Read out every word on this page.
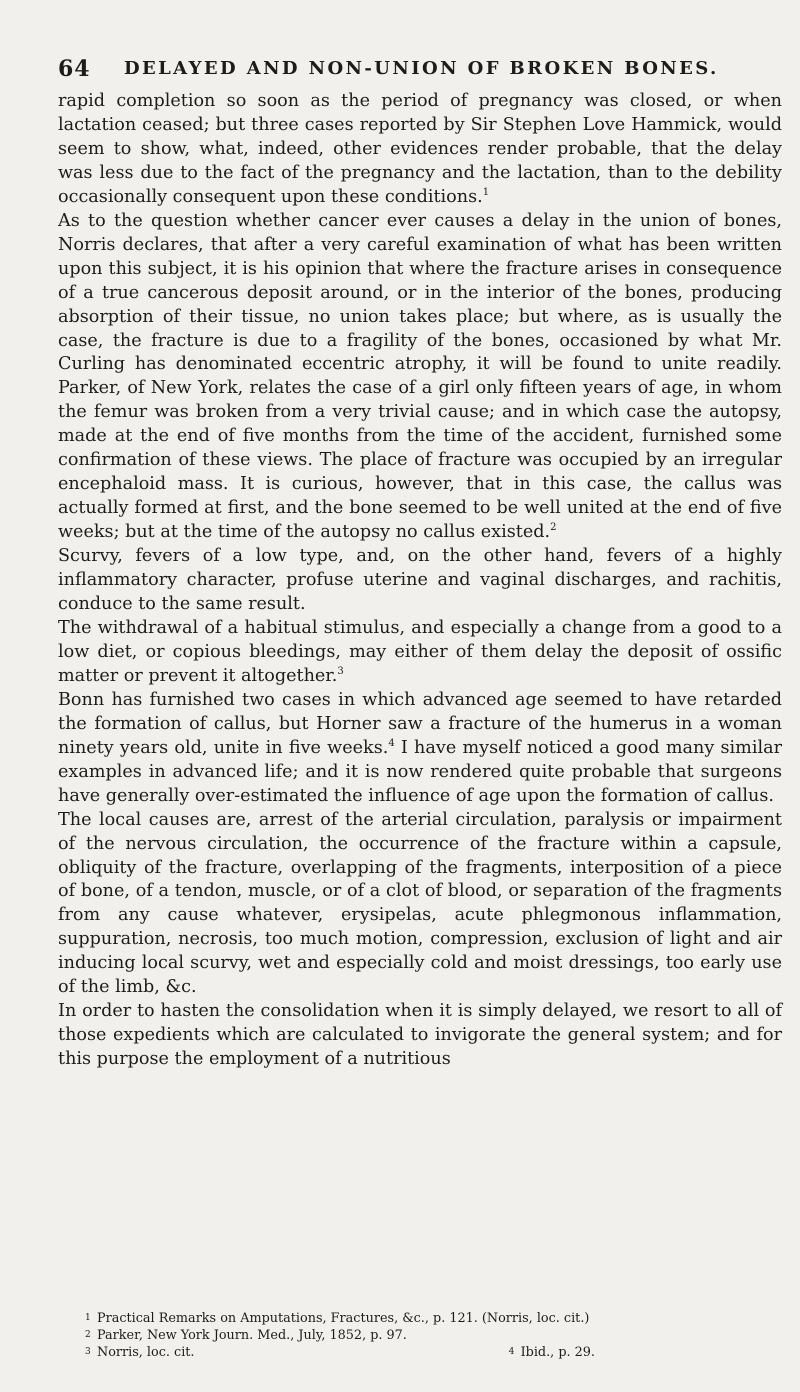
64 DELAYED AND NON-UNION OF BROKEN BONES.

rapid completion so soon as the period of pregnancy was closed, or when lactation ceased; but three cases reported by Sir Stephen Love Hammick, would seem to show, what, indeed, other evidences render probable, that the delay was less due to the fact of the pregnancy and the lactation, than to the debility occasionally consequent upon these conditions.$^1$

As to the question whether cancer ever causes a delay in the union of bones, Norris declares, that after a very careful examination of what has been written upon this subject, it is his opinion that where the fracture arises in consequence of a true cancerous deposit around, or in the interior of the bones, producing absorption of their tissue, no union takes place; but where, as is usually the case, the fracture is due to a fragility of the bones, occasioned by what Mr. Curling has denominated eccentric atrophy, it will be found to unite readily. Parker, of New York, relates the case of a girl only fifteen years of age, in whom the femur was broken from a very trivial cause; and in which case the autopsy, made at the end of five months from the time of the accident, furnished some confirmation of these views. The place of fracture was occupied by an irregular encephaloid mass. It is curious, however, that in this case, the callus was actually formed at first, and the bone seemed to be well united at the end of five weeks; but at the time of the autopsy no callus existed.$^2$

Scurvy, fevers of a low type, and, on the other hand, fevers of a highly inflammatory character, profuse uterine and vaginal discharges, and rachitis, conduce to the same result.

The withdrawal of a habitual stimulus, and especially a change from a good to a low diet, or copious bleedings, may either of them delay the deposit of ossific matter or prevent it altogether.$^3$

Bonn has furnished two cases in which advanced age seemed to have retarded the formation of callus, but Horner saw a fracture of the humerus in a woman ninety years old, unite in five weeks.$^4$ I have myself noticed a good many similar examples in advanced life; and it is now rendered quite probable that surgeons have generally over-estimated the influence of age upon the formation of callus.

The local causes are, arrest of the arterial circulation, paralysis or impairment of the nervous circulation, the occurrence of the fracture within a capsule, obliquity of the fracture, overlapping of the fragments, interposition of a piece of bone, of a tendon, muscle, or of a clot of blood, or separation of the fragments from any cause whatever, erysipelas, acute phlegmonous inflammation, suppuration, necrosis, too much motion, compression, exclusion of light and air inducing local scurvy, wet and especially cold and moist dressings, too early use of the limb, &c.

In order to hasten the consolidation when it is simply delayed, we resort to all of those expedients which are calculated to invigorate the general system; and for this purpose the employment of a nutritious

1 Practical Remarks on Amputations, Fractures, &c., p. 121. (Norris, loc. cit.)
2 Parker, New York Journ. Med., July, 1852, p. 97.
3 Norris, loc. cit.	4 Ibid., p. 29.
